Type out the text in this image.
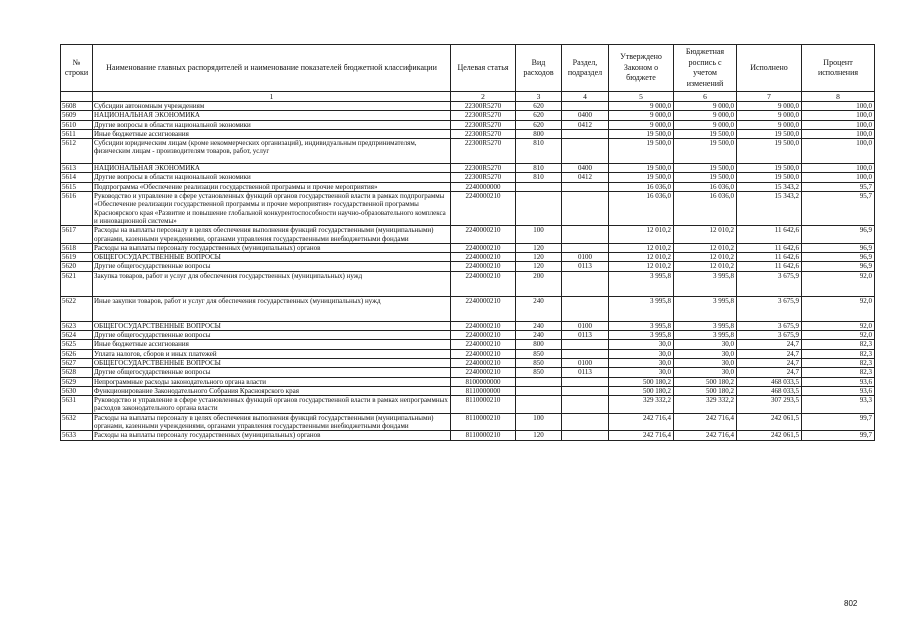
№ строки	Наименование главных распорядителей и наименование показателей бюджетной классификации	Целевая статья	Вид расходов	Раздел, подраздел	Утверждено Законом о бюджете	Бюджетная роспись с учетом изменений	Исполнено	Процент исполнения
	1	2	3	4	5	6	7	8
5608	Субсидии автономным учреждениям	22300R5270	620		9 000,0	9 000,0	9 000,0	100,0
5609	НАЦИОНАЛЬНАЯ ЭКОНОМИКА	22300R5270	620	0400	9 000,0	9 000,0	9 000,0	100,0
5610	Другие вопросы в области национальной экономики	22300R5270	620	0412	9 000,0	9 000,0	9 000,0	100,0
5611	Иные бюджетные ассигнования	22300R5270	800		19 500,0	19 500,0	19 500,0	100,0
5612	Субсидии юридическим лицам (кроме некоммерческих организаций), индивидуальным предпринимателям, физическим лицам - производителям товаров, работ, услуг	22300R5270	810		19 500,0	19 500,0	19 500,0	100,0
5613	НАЦИОНАЛЬНАЯ ЭКОНОМИКА	22300R5270	810	0400	19 500,0	19 500,0	19 500,0	100,0
5614	Другие вопросы в области национальной экономики	22300R5270	810	0412	19 500,0	19 500,0	19 500,0	100,0
5615	Подпрограмма «Обеспечение реализации государственной программы и прочие мероприятия»	2240000000			16 036,0	16 036,0	15 343,2	95,7
5616	Руководство и управление в сфере установленных функций органов государственной власти в рамках подпрограммы «Обеспечение реализации государственной программы и прочие мероприятия» государственной программы Красноярского края «Развитие и повышение глобальной конкурентоспособности научно-образовательного комплекса и инновационной системы»	2240000210			16 036,0	16 036,0	15 343,2	95,7
5617	Расходы на выплаты персоналу в целях обеспечения выполнения функций государственными (муниципальными) органами, казенными учреждениями, органами управления государственными внебюджетными фондами	2240000210	100		12 010,2	12 010,2	11 642,6	96,9
5618	Расходы на выплаты персоналу государственных (муниципальных) органов	2240000210	120		12 010,2	12 010,2	11 642,6	96,9
5619	ОБЩЕГОСУДАРСТВЕННЫЕ ВОПРОСЫ	2240000210	120	0100	12 010,2	12 010,2	11 642,6	96,9
5620	Другие общегосударственные вопросы	2240000210	120	0113	12 010,2	12 010,2	11 642,6	96,9
5621	Закупка товаров, работ и услуг для обеспечения государственных (муниципальных) нужд	2240000210	200		3 995,8	3 995,8	3 675,9	92,0
5622	Иные закупки товаров, работ и услуг для обеспечения государственных (муниципальных) нужд	2240000210	240		3 995,8	3 995,8	3 675,9	92,0
5623	ОБЩЕГОСУДАРСТВЕННЫЕ ВОПРОСЫ	2240000210	240	0100	3 995,8	3 995,8	3 675,9	92,0
5624	Другие общегосударственные вопросы	2240000210	240	0113	3 995,8	3 995,8	3 675,9	92,0
5625	Иные бюджетные ассигнования	2240000210	800		30,0	30,0	24,7	82,3
5626	Уплата налогов, сборов и иных платежей	2240000210	850		30,0	30,0	24,7	82,3
5627	ОБЩЕГОСУДАРСТВЕННЫЕ ВОПРОСЫ	2240000210	850	0100	30,0	30,0	24,7	82,3
5628	Другие общегосударственные вопросы	2240000210	850	0113	30,0	30,0	24,7	82,3
5629	Непрограммные расходы законодательного органа власти	8100000000			500 180,2	500 180,2	468 033,5	93,6
5630	Функционирование Законодательного Собрания Красноярского края	8110000000			500 180,2	500 180,2	468 033,5	93,6
5631	Руководство и управление в сфере установленных функций органов государственной власти в рамках непрограммных расходов законодательного органа власти	8110000210			329 332,2	329 332,2	307 293,5	93,3
5632	Расходы на выплаты персоналу в целях обеспечения выполнения функций государственными (муниципальными) органами, казенными учреждениями, органами управления государственными внебюджетными фондами	8110000210	100		242 716,4	242 716,4	242 061,5	99,7
5633	Расходы на выплаты персоналу государственных (муниципальных) органов	8110000210	120		242 716,4	242 716,4	242 061,5	99,7
802
